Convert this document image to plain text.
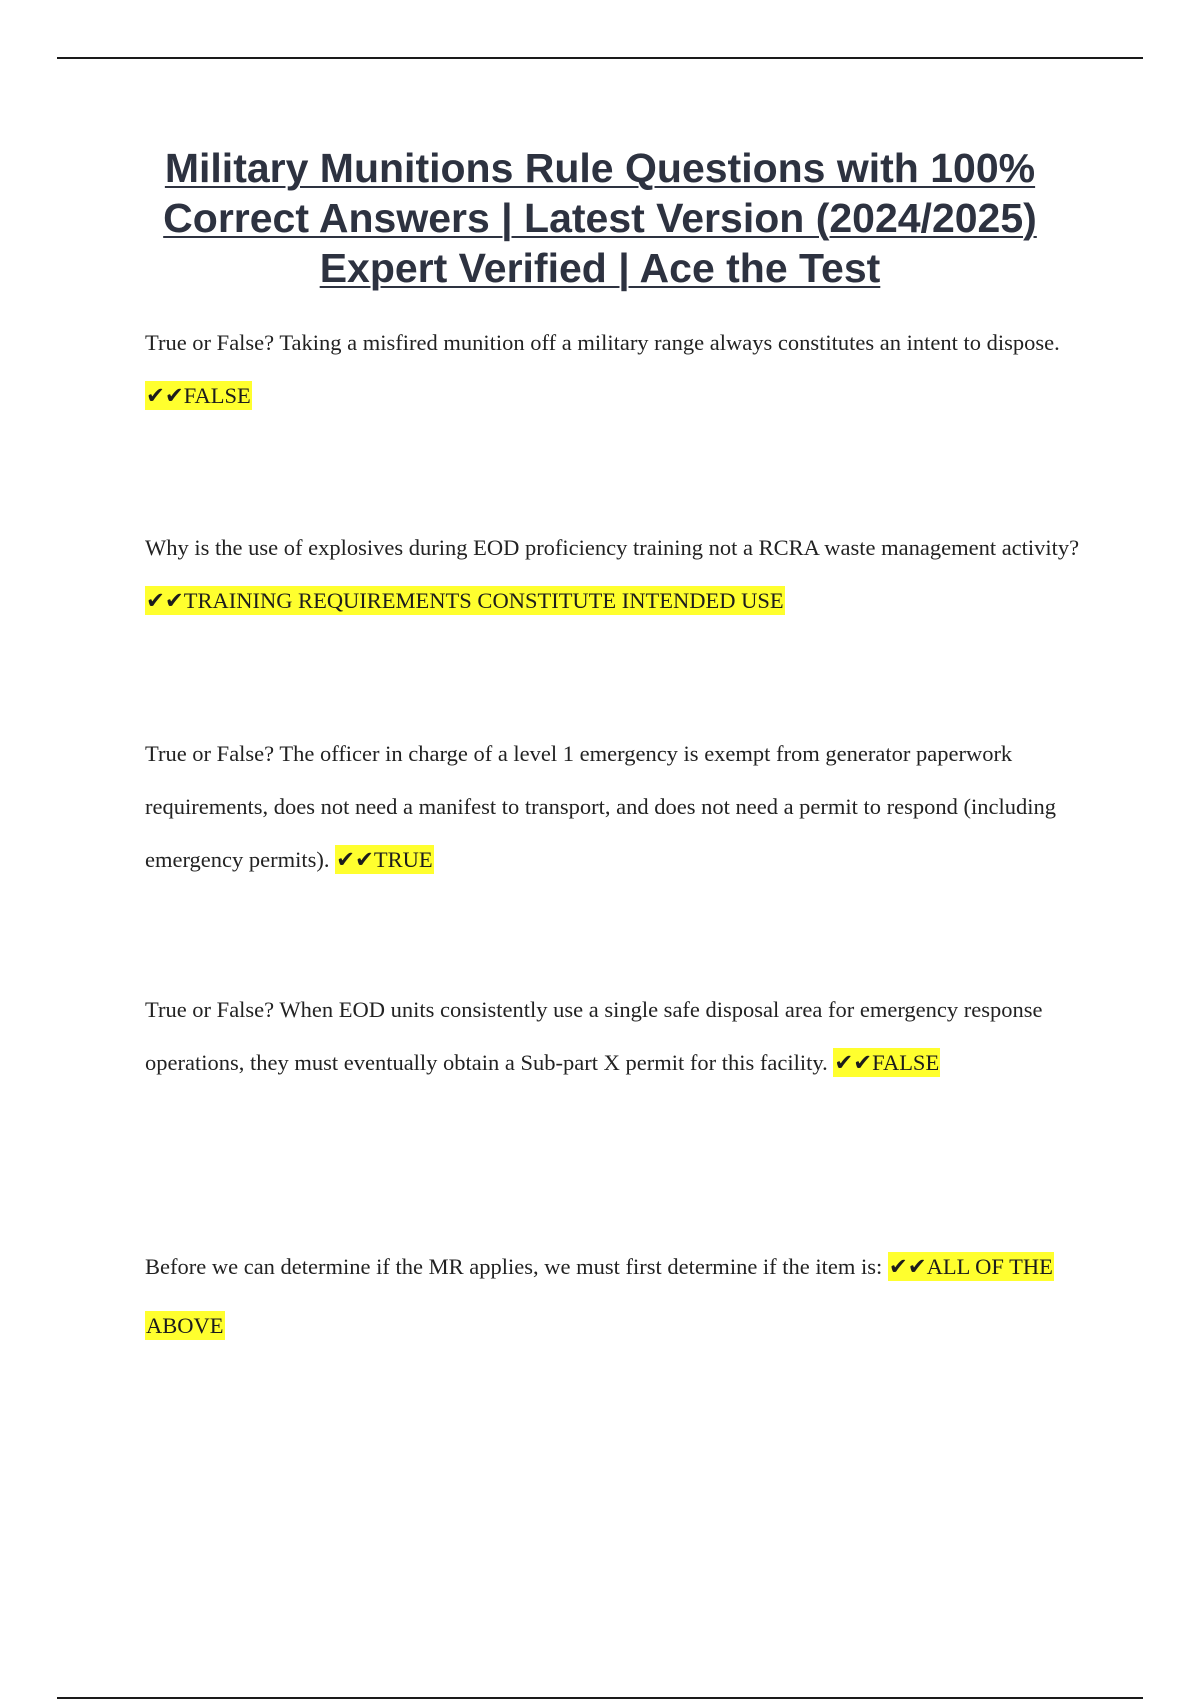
Military Munitions Rule Questions with 100% Correct Answers | Latest Version (2024/2025) Expert Verified | Ace the Test

True or False? Taking a misfired munition off a military range always constitutes an intent to dispose. ✔✔FALSE

Why is the use of explosives during EOD proficiency training not a RCRA waste management activity? ✔✔TRAINING REQUIREMENTS CONSTITUTE INTENDED USE

True or False? The officer in charge of a level 1 emergency is exempt from generator paperwork requirements, does not need a manifest to transport, and does not need a permit to respond (including emergency permits). ✔✔TRUE

True or False? When EOD units consistently use a single safe disposal area for emergency response operations, they must eventually obtain a Sub-part X permit for this facility. ✔✔FALSE

Before we can determine if the MR applies, we must first determine if the item is: ✔✔ALL OF THE ABOVE
